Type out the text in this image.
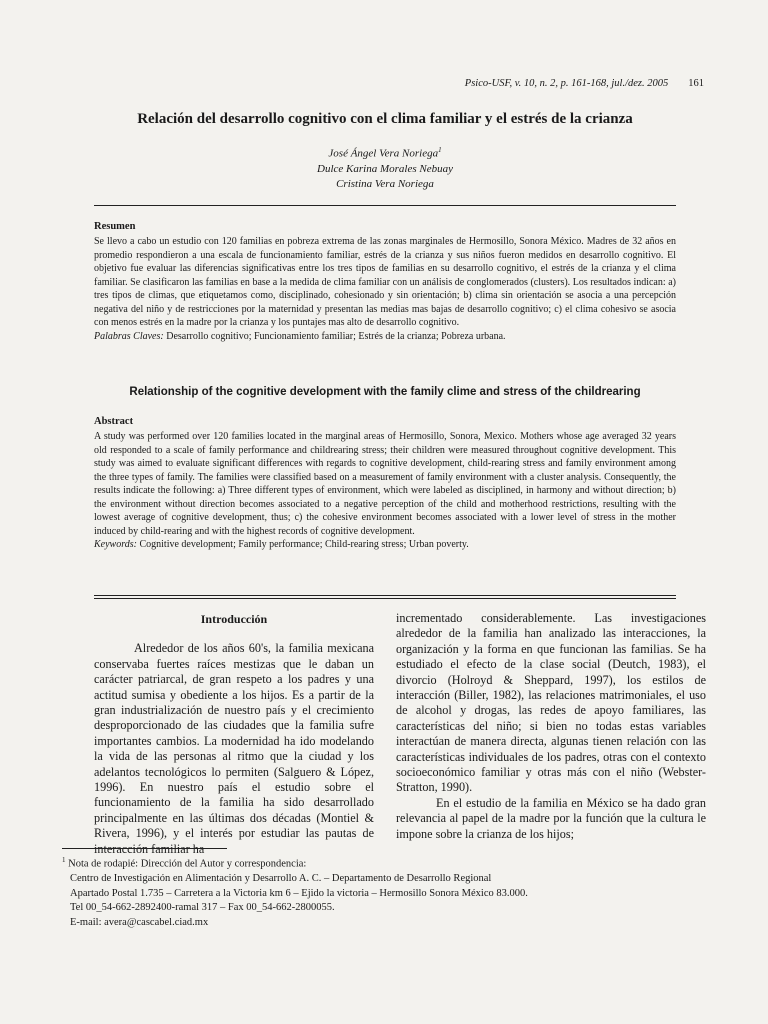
Psico-USF, v. 10, n. 2, p. 161-168, jul./dez. 2005 161
Relación del desarrollo cognitivo con el clima familiar y el estrés de la crianza
José Ángel Vera Noriega$^1$
Dulce Karina Morales Nebuay
Cristina Vera Noriega
Resumen
Se llevo a cabo un estudio con 120 familias en pobreza extrema de las zonas marginales de Hermosillo, Sonora México. Madres de 32 años en promedio respondieron a una escala de funcionamiento familiar, estrés de la crianza y sus niños fueron medidos en desarrollo cognitivo. El objetivo fue evaluar las diferencias significativas entre los tres tipos de familias en su desarrollo cognitivo, el estrés de la crianza y el clima familiar. Se clasificaron las familias en base a la medida de clima familiar con un análisis de conglomerados (clusters). Los resultados indican: a) tres tipos de climas, que etiquetamos como, disciplinado, cohesionado y sin orientación; b) clima sin orientación se asocia a una percepción negativa del niño y de restricciones por la maternidad y presentan las medias mas bajas de desarrollo cognitivo; c) el clima cohesivo se asocia con menos estrés en la madre por la crianza y los puntajes mas alto de desarrollo cognitivo.
Palabras Claves: Desarrollo cognitivo; Funcionamiento familiar; Estrés de la crianza; Pobreza urbana.
Relationship of the cognitive development with the family clime and stress of the childrearing
Abstract
A study was performed over 120 families located in the marginal areas of Hermosillo, Sonora, Mexico. Mothers whose age averaged 32 years old responded to a scale of family performance and childrearing stress; their children were measured throughout cognitive development. This study was aimed to evaluate significant differences with regards to cognitive development, child-rearing stress and family environment among the three types of family. The families were classified based on a measurement of family environment with a cluster analysis. Consequently, the results indicate the following: a) Three different types of environment, which were labeled as disciplined, in harmony and without direction; b) the environment without direction becomes associated to a negative perception of the child and motherhood restrictions, resulting with the lowest average of cognitive development, thus; c) the cohesive environment becomes associated with a lower level of stress in the mother induced by child-rearing and with the highest records of cognitive development.
Keywords: Cognitive development; Family performance; Child-rearing stress; Urban poverty.
Introducción

Alrededor de los años 60's, la familia mexicana conservaba fuertes raíces mestizas que le daban un carácter patriarcal, de gran respeto a los padres y una actitud sumisa y obediente a los hijos. Es a partir de la gran industrialización de nuestro país y el crecimiento desproporcionado de las ciudades que la familia sufre importantes cambios. La modernidad ha ido modelando la vida de las personas al ritmo que la ciudad y los adelantos tecnológicos lo permiten (Salguero & López, 1996). En nuestro país el estudio sobre el funcionamiento de la familia ha sido desarrollado principalmente en las últimas dos décadas (Montiel & Rivera, 1996), y el interés por estudiar las pautas de interacción familiar ha

incrementado considerablemente. Las investigaciones alrededor de la familia han analizado las interacciones, la organización y la forma en que funcionan las familias. Se ha estudiado el efecto de la clase social (Deutch, 1983), el divorcio (Holroyd & Sheppard, 1997), los estilos de interacción (Biller, 1982), las relaciones matrimoniales, el uso de alcohol y drogas, las redes de apoyo familiares, las características del niño; si bien no todas estas variables interactúan de manera directa, algunas tienen relación con las características individuales de los padres, otras con el contexto socioeconómico familiar y otras más con el niño (Webster-Stratton, 1990).

En el estudio de la familia en México se ha dado gran relevancia al papel de la madre por la función que la cultura le impone sobre la crianza de los hijos;

$^1$ Nota de rodapié: Dirección del Autor y correspondencia:
Centro de Investigación en Alimentación y Desarrollo A. C. – Departamento de Desarrollo Regional
Apartado Postal 1.735 – Carretera a la Victoria km 6 – Ejido la victoria – Hermosillo Sonora México 83.000.
Tel 00_54-662-2892400-ramal 317 – Fax 00_54-662-2800055.
E-mail: avera@cascabel.ciad.mx
